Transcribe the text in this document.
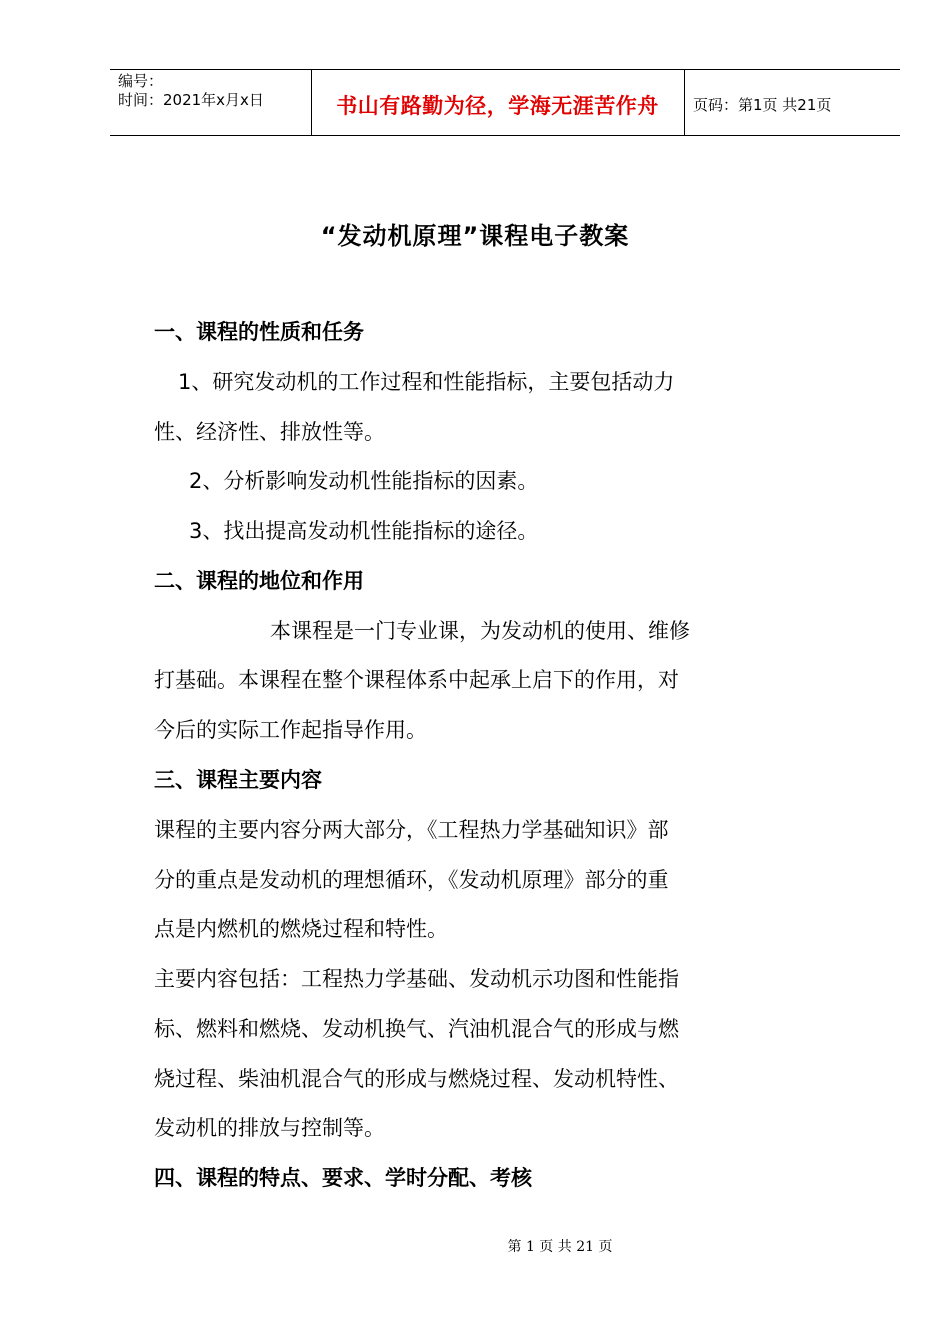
编号：
时间：2021年x月x日	书山有路勤为径，学海无涯苦作舟	页码：第1页 共21页
“发动机原理”课程电子教案
一、课程的性质和任务
1、研究发动机的工作过程和性能指标，主要包括动力
性、经济性、排放性等。
2、分析影响发动机性能指标的因素。
3、找出提高发动机性能指标的途径。
二、课程的地位和作用
本课程是一门专业课，为发动机的使用、维修
打基础。本课程在整个课程体系中起承上启下的作用，对
今后的实际工作起指导作用。
三、课程主要内容
课程的主要内容分两大部分，《工程热力学基础知识》部
分的重点是发动机的理想循环，《发动机原理》部分的重
点是内燃机的燃烧过程和特性。
主要内容包括：工程热力学基础、发动机示功图和性能指
标、燃料和燃烧、发动机换气、汽油机混合气的形成与燃
烧过程、柴油机混合气的形成与燃烧过程、发动机特性、
发动机的排放与控制等。
四、课程的特点、要求、学时分配、考核
第 1 页 共 21 页
